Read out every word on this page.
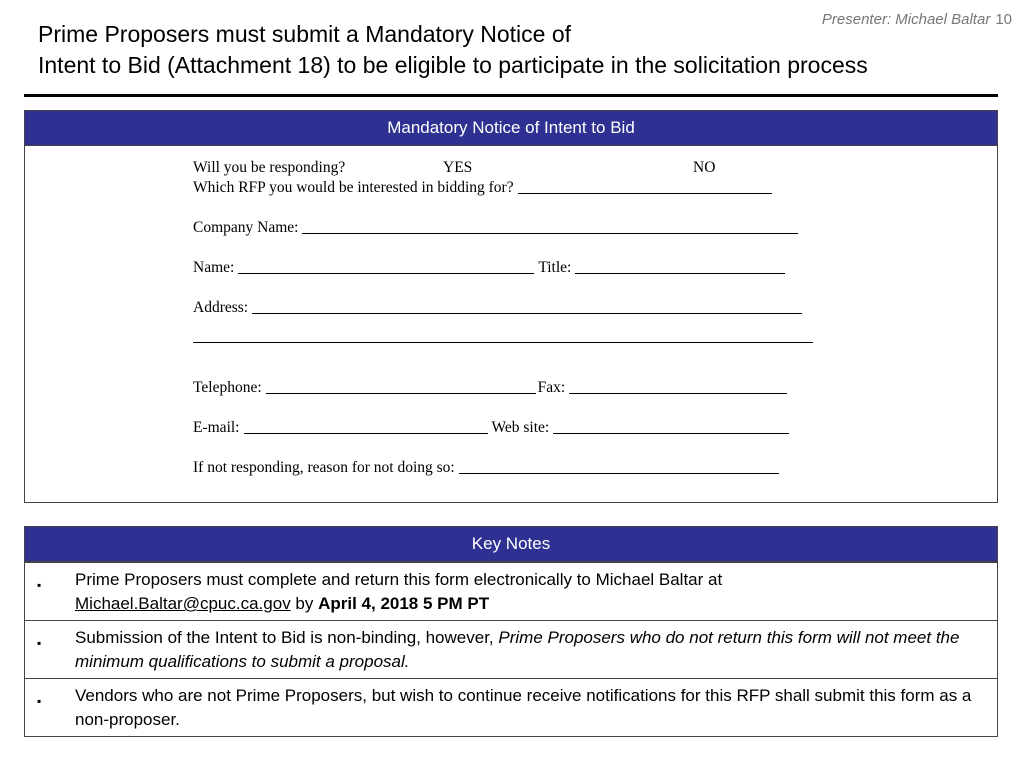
Presenter: Michael Baltar 10
Prime Proposers must submit a Mandatory Notice of
Intent to Bid (Attachment 18) to be eligible to participate in the solicitation process
Mandatory Notice of Intent to Bid
Will you be responding?	YES	NO
Which RFP you would be interested in bidding for?
Company Name:
Name:	Title:
Address:
Telephone:	Fax:
E-mail:	Web site:
If not responding, reason for not doing so:
Key Notes
▪ Prime Proposers must complete and return this form electronically to Michael Baltar at
Michael.Baltar@cpuc.ca.gov by April 4, 2018 5 PM PT
▪ Submission of the Intent to Bid is non-binding, however, Prime Proposers who do not return this form will not meet the minimum qualifications to submit a proposal.
▪ Vendors who are not Prime Proposers, but wish to continue receive notifications for this RFP shall submit this form as a non-proposer.
